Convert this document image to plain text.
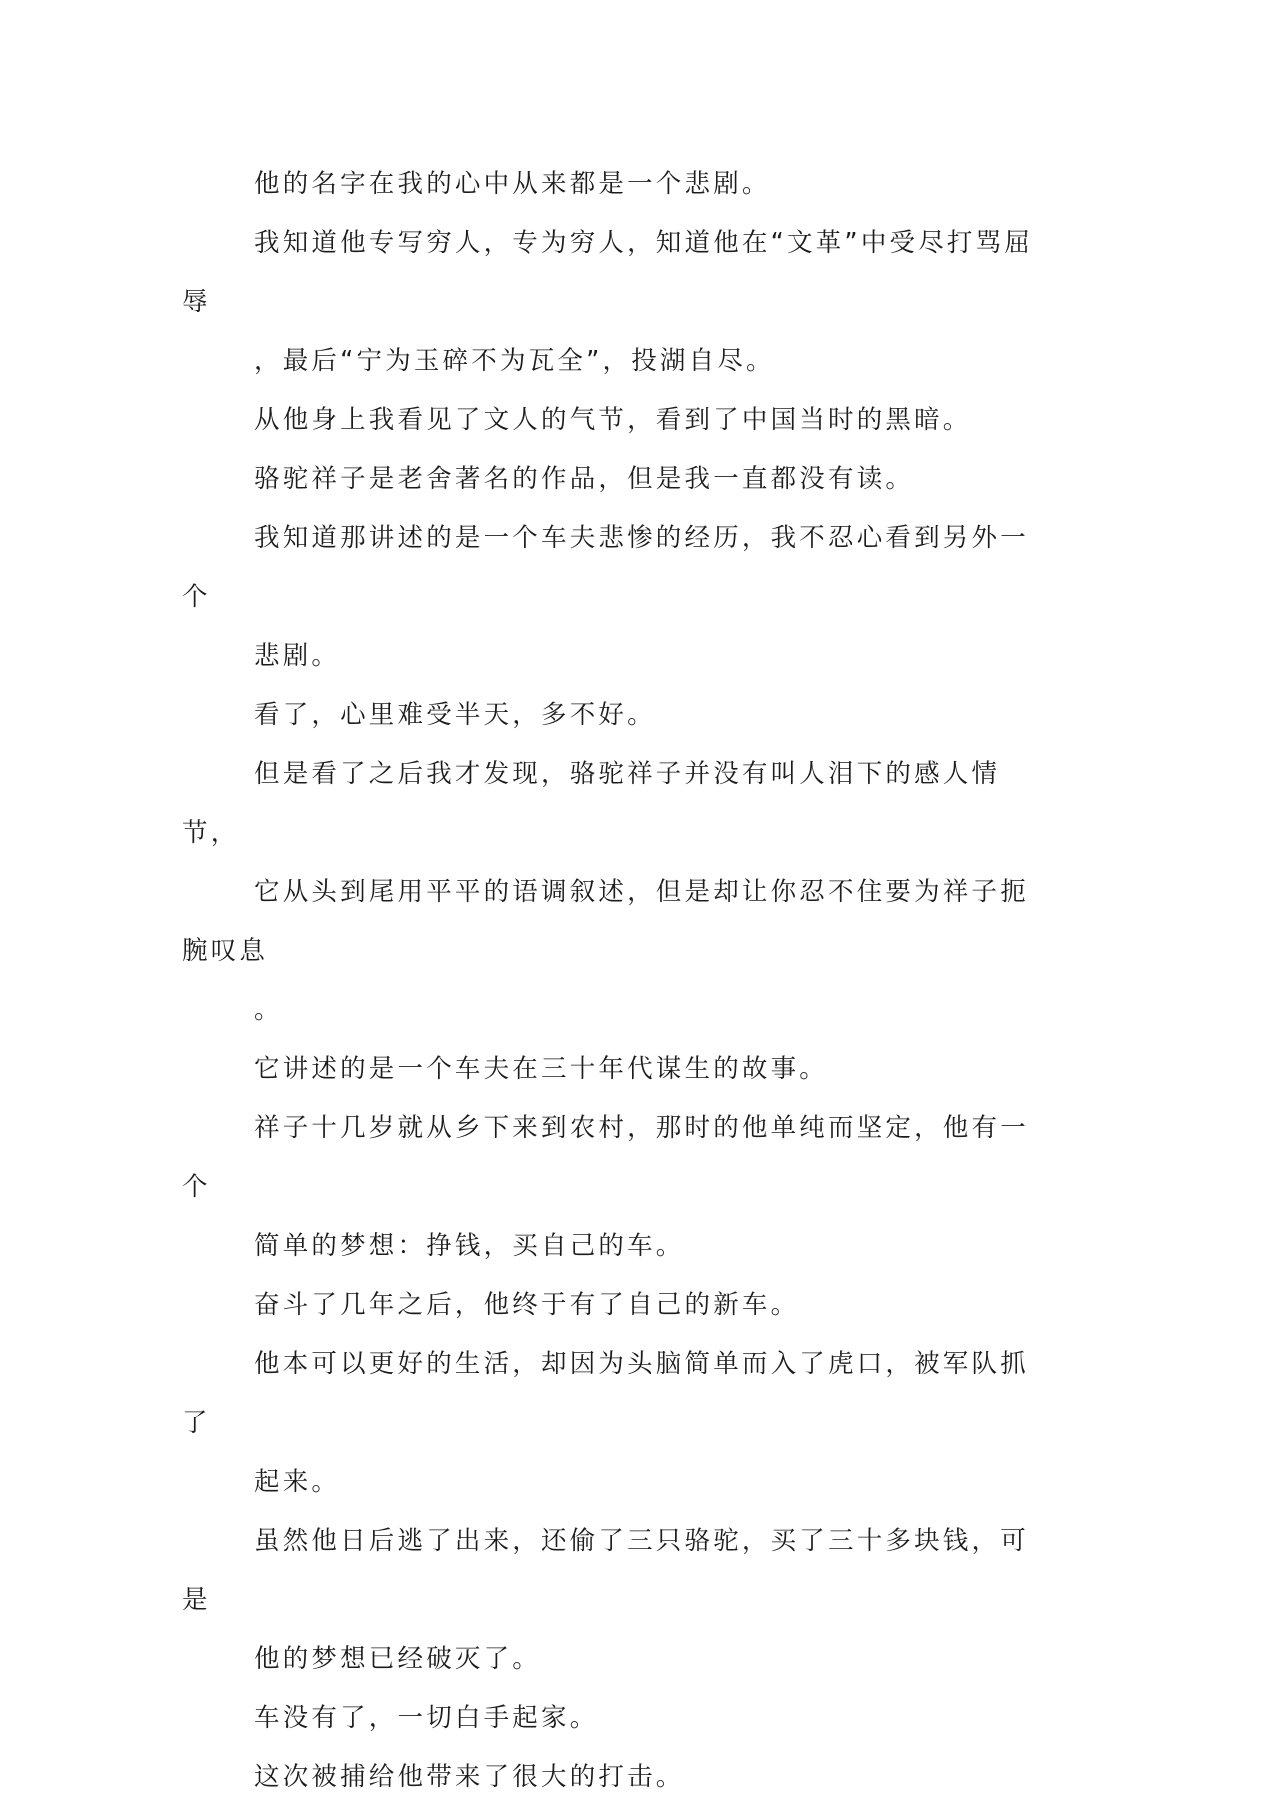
他的名字在我的心中从来都是一个悲剧。

我知道他专写穷人，专为穷人，知道他在“文革”中受尽打骂屈辱
，最后“宁为玉碎不为瓦全”，投湖自尽。

从他身上我看见了文人的气节，看到了中国当时的黑暗。

骆驼祥子是老舍著名的作品，但是我一直都没有读。

我知道那讲述的是一个车夫悲惨的经历，我不忍心看到另外一个
悲剧。

看了，心里难受半天，多不好。

但是看了之后我才发现，骆驼祥子并没有叫人泪下的感人情节，
它从头到尾用平平的语调叙述，但是却让你忍不住要为祥子扼腕叹息
。

它讲述的是一个车夫在三十年代谋生的故事。

祥子十几岁就从乡下来到农村，那时的他单纯而坚定，他有一个
简单的梦想：挣钱，买自己的车。

奋斗了几年之后，他终于有了自己的新车。

他本可以更好的生活，却因为头脑简单而入了虎口，被军队抓了
起来。

虽然他日后逃了出来，还偷了三只骆驼，买了三十多块钱，可是
他的梦想已经破灭了。

车没有了，一切白手起家。

这次被捕给他带来了很大的打击。
